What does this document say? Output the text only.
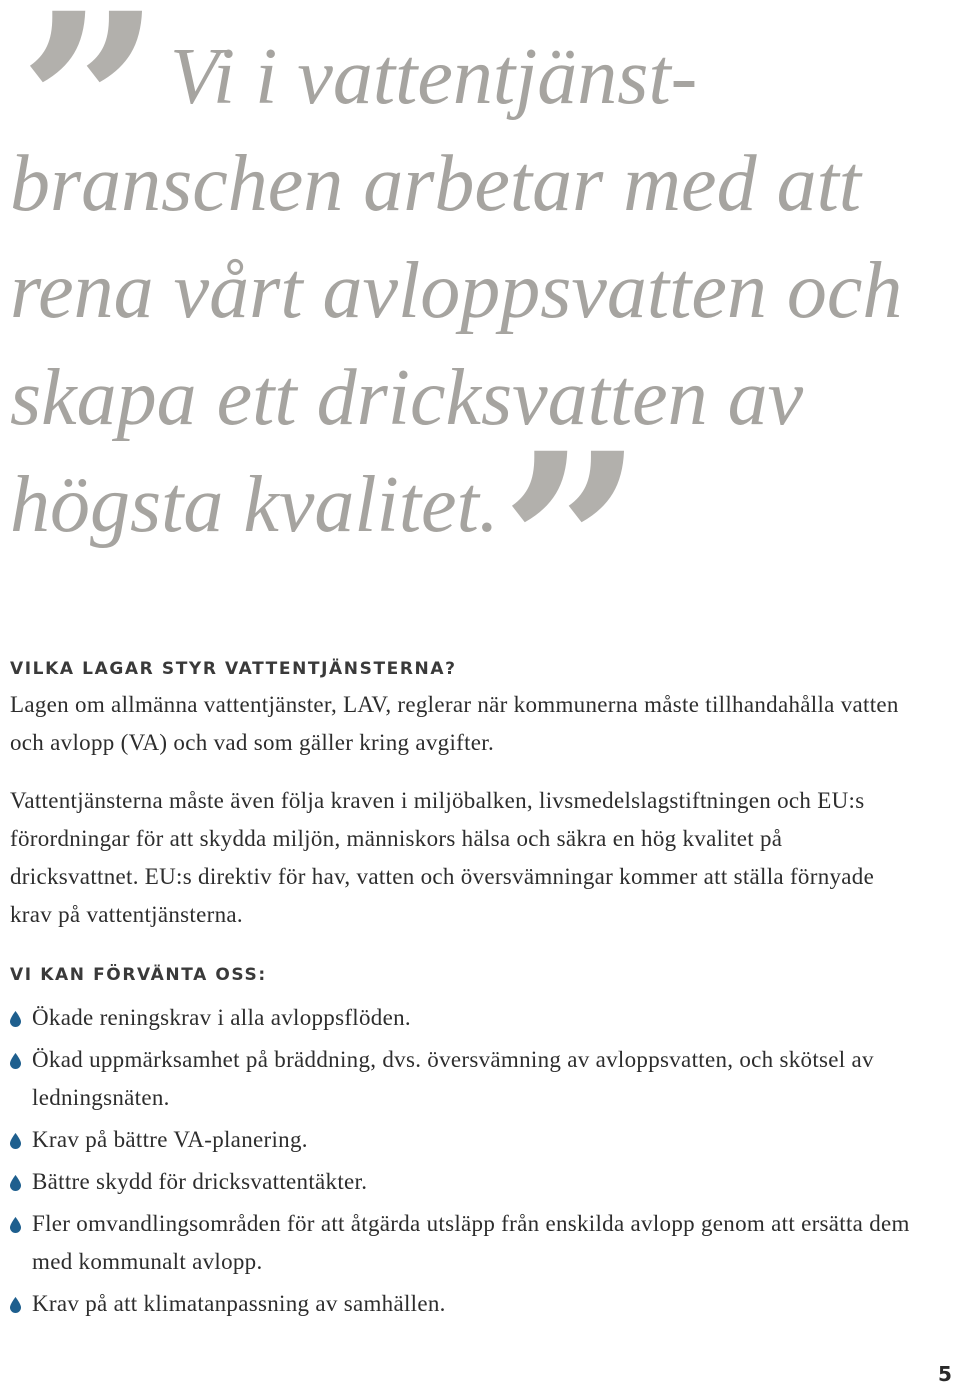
” Vi i vattentjänst-
branschen arbetar med att
rena vårt avloppsvatten och
skapa ett dricksvatten av
högsta kvalitet. ”
VILKA LAGAR STYR VATTENTJÄNSTERNA?

Lagen om allmänna vattentjänster, LAV, reglerar när kommunerna måste tillhandahålla vatten och avlopp (VA) och vad som gäller kring avgifter.

Vattentjänsterna måste även följa kraven i miljöbalken, livsmedelslagstiftningen och EU:s förordningar för att skydda miljön, människors hälsa och säkra en hög kvalitet på dricksvattnet. EU:s direktiv för hav, vatten och översvämningar kommer att ställa förnyade krav på vattentjänsterna.

VI KAN FÖRVÄNTA OSS:
Ökade reningskrav i alla avloppsflöden.
Ökad uppmärksamhet på bräddning, dvs. översvämning av avloppsvatten, och skötsel av ledningsnäten.
Krav på bättre VA-planering.
Bättre skydd för dricksvattentäkter.
Fler omvandlingsområden för att åtgärda utsläpp från enskilda avlopp genom att ersätta dem med kommunalt avlopp.
Krav på att klimatanpassning av samhällen.
5
